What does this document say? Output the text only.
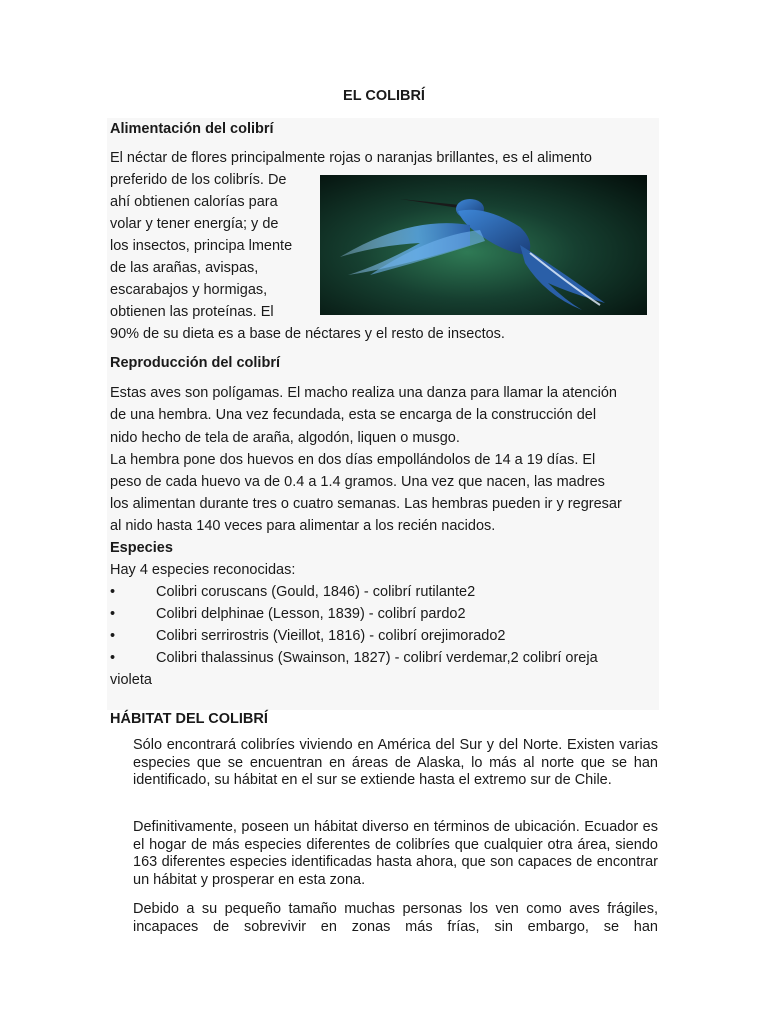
EL COLIBRÍ
Alimentación del colibrí
El néctar de flores principalmente rojas o naranjas brillantes, es el alimento
preferido de los colibrís. De
ahí obtienen calorías para
volar y tener energía; y de
los insectos, principa lmente
de las arañas, avispas,
escarabajos y hormigas,
obtienen las proteínas. El
90% de su dieta es a base de néctares y el resto de insectos.
Reproducción del colibrí
Estas aves son polígamas. El macho realiza una danza para llamar la atención
de una hembra. Una vez fecundada, esta se encarga de la construcción del
nido hecho de tela de araña, algodón, liquen o musgo.
La hembra pone dos huevos en dos días empollándolos de 14 a 19 días. El
peso de cada huevo va de 0.4 a 1.4 gramos. Una vez que nacen, las madres
los alimentan durante tres o cuatro semanas. Las hembras pueden ir y regresar
al nido hasta 140 veces para alimentar a los recién nacidos.
Especies
Hay 4 especies reconocidas:
•	Colibri coruscans (Gould, 1846) - colibrí rutilante2
•	Colibri delphinae (Lesson, 1839) - colibrí pardo2
•	Colibri serrirostris (Vieillot, 1816) - colibrí orejimorado2
•	Colibri thalassinus (Swainson, 1827) - colibrí verdemar,2 colibrí oreja
violeta
HÁBITAT DEL COLIBRÍ
Sólo encontrará colibríes viviendo en América del Sur y del Norte. Existen varias especies que se encuentran en áreas de Alaska, lo más al norte que se han identificado, su hábitat en el sur se extiende hasta el extremo sur de Chile.
Definitivamente, poseen un hábitat diverso en términos de ubicación. Ecuador es el hogar de más especies diferentes de colibríes que cualquier otra área, siendo 163 diferentes especies identificadas hasta ahora, que son capaces de encontrar un hábitat y prosperar en esta zona.
Debido a su pequeño tamaño muchas personas los ven como aves frágiles, incapaces de sobrevivir en zonas más frías, sin embargo, se han
